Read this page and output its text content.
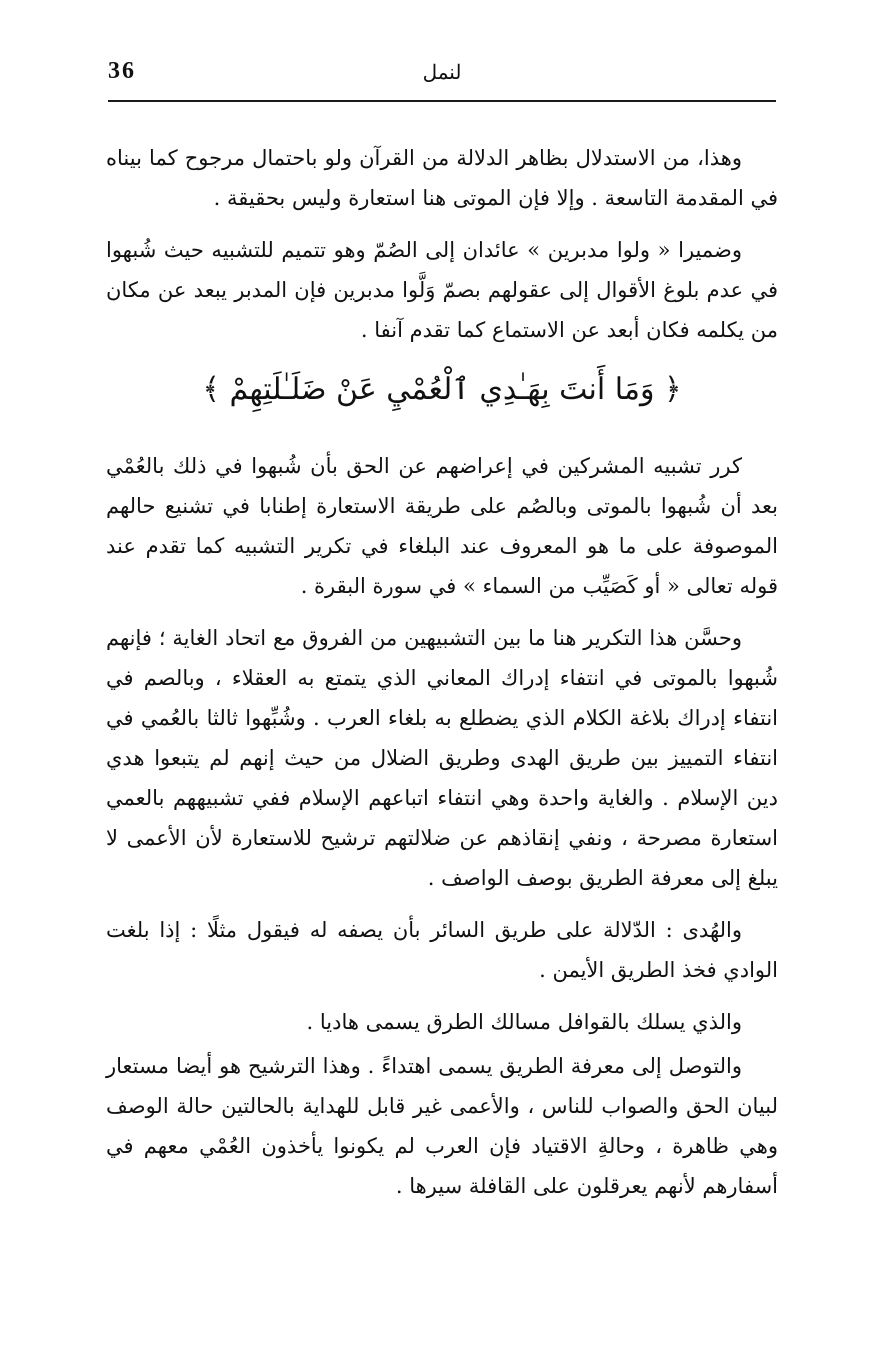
36	لنمل

وهذا، من الاستدلال بظاهر الدلالة من القرآن ولو باحتمال مرجوح كما بيناه في المقدمة التاسعة . وإلا فإن الموتى هنا استعارة وليس بحقيقة .

وضميرا « ولوا مدبرين » عائدان إلى الصُمّ وهو تتميم للتشبيه حيث شُبهوا في عدم بلوغ الأقوال إلى عقولهم بصمّ وَلَّوا مدبرين فإن المدبر يبعد عن مكان من يكلمه فكان أبعد عن الاستماع كما تقدم آنفا .

﴿ وَمَا أَنتَ بِهَـٰدِي ٱلْعُمْيِ عَنْ ضَلَـٰلَتِهِمْ ﴾

كرر تشبيه المشركين في إعراضهم عن الحق بأن شُبهوا في ذلك بالعُمْي بعد أن شُبهوا بالموتى وبالصُم على طريقة الاستعارة إطنابا في تشنيع حالهم الموصوفة على ما هو المعروف عند البلغاء في تكرير التشبيه كما تقدم عند قوله تعالى « أو كَصَيِّب من السماء » في سورة البقرة .

وحسَّن هذا التكرير هنا ما بين التشبيهين من الفروق مع اتحاد الغاية ؛ فإنهم شُبهوا بالموتى في انتفاء إدراك المعاني الذي يتمتع به العقلاء ، وبالصم في انتفاء إدراك بلاغة الكلام الذي يضطلع به بلغاء العرب . وشُبِّهوا ثالثا بالعُمي في انتفاء التمييز بين طريق الهدى وطريق الضلال من حيث إنهم لم يتبعوا هدي دين الإسلام . والغاية واحدة وهي انتفاء اتباعهم الإسلام ففي تشبيههم بالعمي استعارة مصرحة ، ونفي إنقاذهم عن ضلالتهم ترشيح للاستعارة لأن الأعمى لا يبلغ إلى معرفة الطريق بوصف الواصف .

والهُدى : الدّلالة على طريق السائر بأن يصفه له فيقول مثلًا : إذا بلغت الوادي فخذ الطريق الأيمن .

والذي يسلك بالقوافل مسالك الطرق يسمى هاديا .

والتوصل إلى معرفة الطريق يسمى اهتداءً . وهذا الترشيح هو أيضا مستعار لبيان الحق والصواب للناس ، والأعمى غير قابل للهداية بالحالتين حالة الوصف وهي ظاهرة ، وحالةِ الاقتياد فإن العرب لم يكونوا يأخذون العُمْي معهم في أسفارهم لأنهم يعرقلون على القافلة سيرها .
